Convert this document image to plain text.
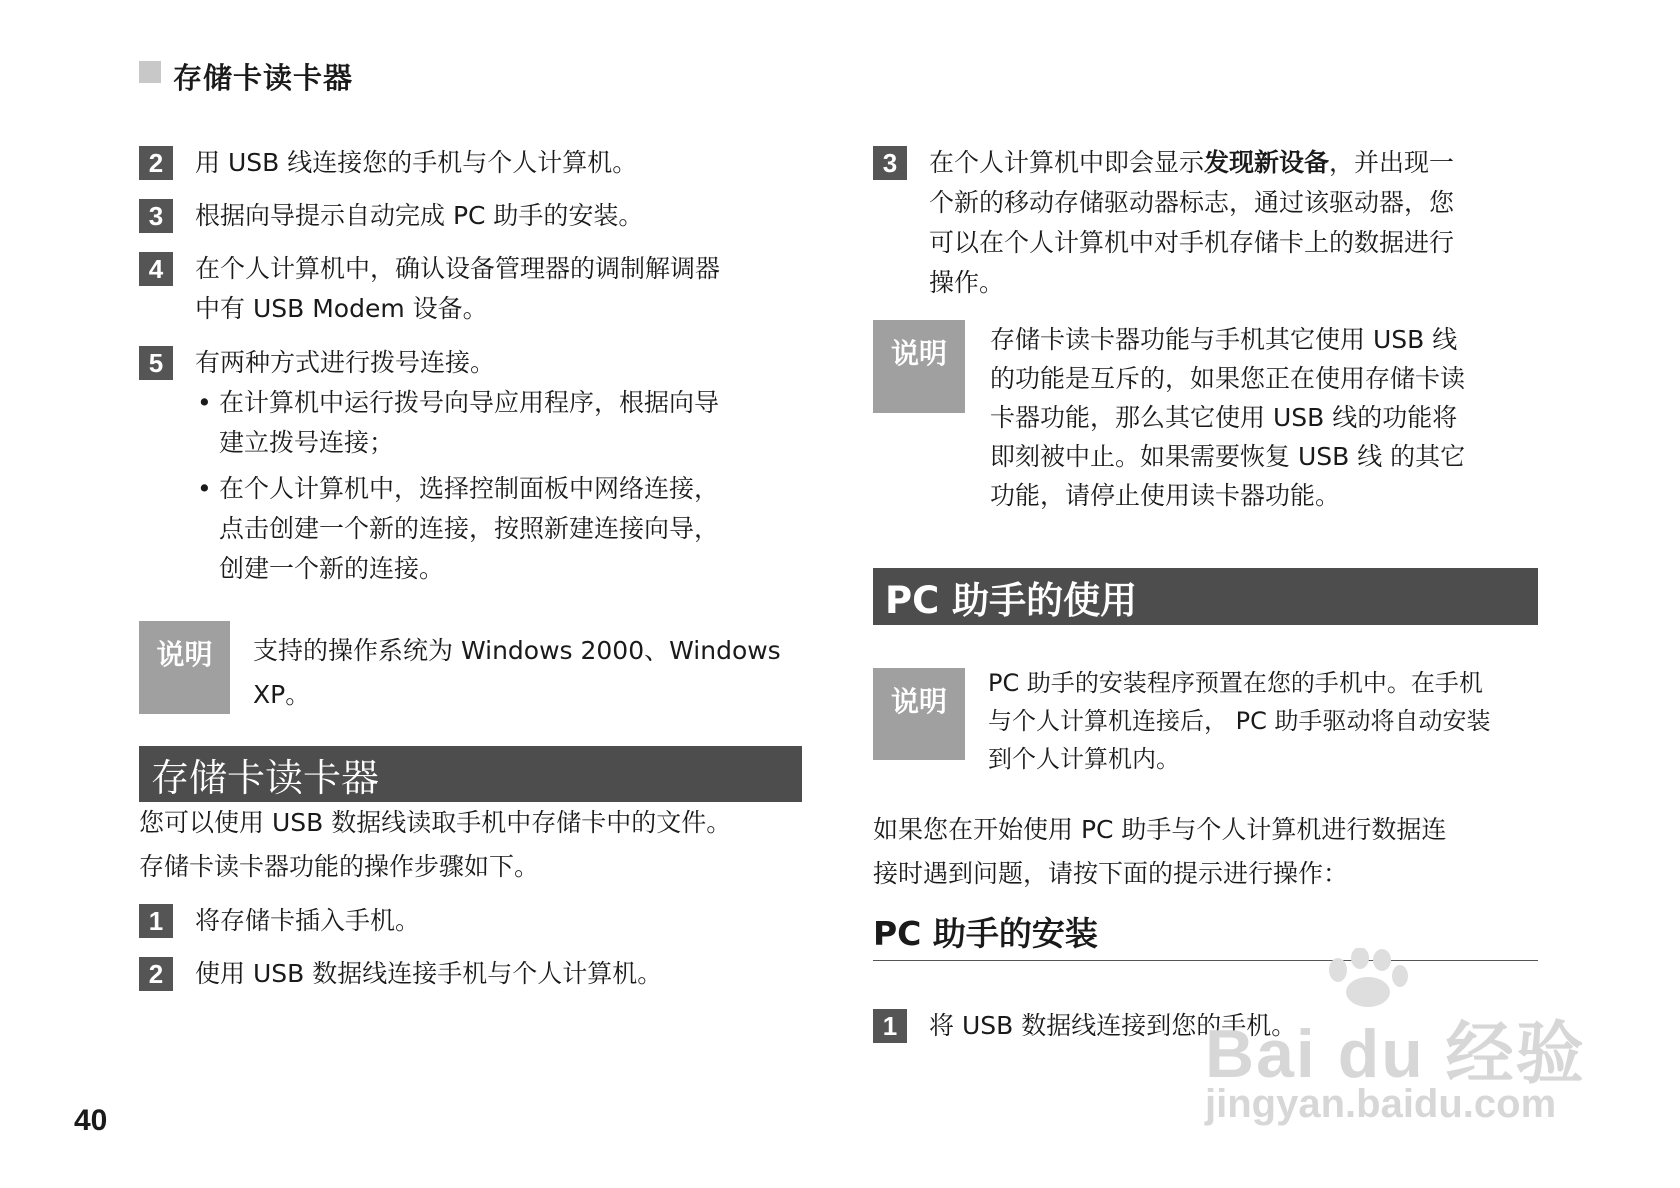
存储卡读卡器
2	用 USB 线连接您的手机与个人计算机。
3	根据向导提示自动完成 PC 助手的安装。
4	在个人计算机中，确认设备管理器的调制解调器
中有 USB Modem 设备。
5	有两种方式进行拨号连接。
• 在计算机中运行拨号向导应用程序，根据向导
建立拨号连接；
• 在个人计算机中，选择控制面板中网络连接，
点击创建一个新的连接，按照新建连接向导，
创建一个新的连接。
说明	支持的操作系统为 Windows 2000、Windows
XP。
存储卡读卡器
您可以使用 USB 数据线读取手机中存储卡中的文件。
存储卡读卡器功能的操作步骤如下。
1	将存储卡插入手机。
2	使用 USB 数据线连接手机与个人计算机。
3	在个人计算机中即会显示发现新设备，并出现一
个新的移动存储驱动器标志，通过该驱动器，您
可以在个人计算机中对手机存储卡上的数据进行
操作。
说明	存储卡读卡器功能与手机其它使用 USB 线
的功能是互斥的，如果您正在使用存储卡读
卡器功能，那么其它使用 USB 线的功能将
即刻被中止。如果需要恢复 USB 线 的其它
功能，请停止使用读卡器功能。
PC 助手的使用
说明
PC 助手的安装程序预置在您的手机中。在手机
与个人计算机连接后， PC 助手驱动将自动安装
到个人计算机内。
如果您在开始使用 PC 助手与个人计算机进行数据连
接时遇到问题，请按下面的提示进行操作：
PC 助手的安装
1	将 USB 数据线连接到您的手机。
40
Bai du 经验
jingyan.baidu.com
